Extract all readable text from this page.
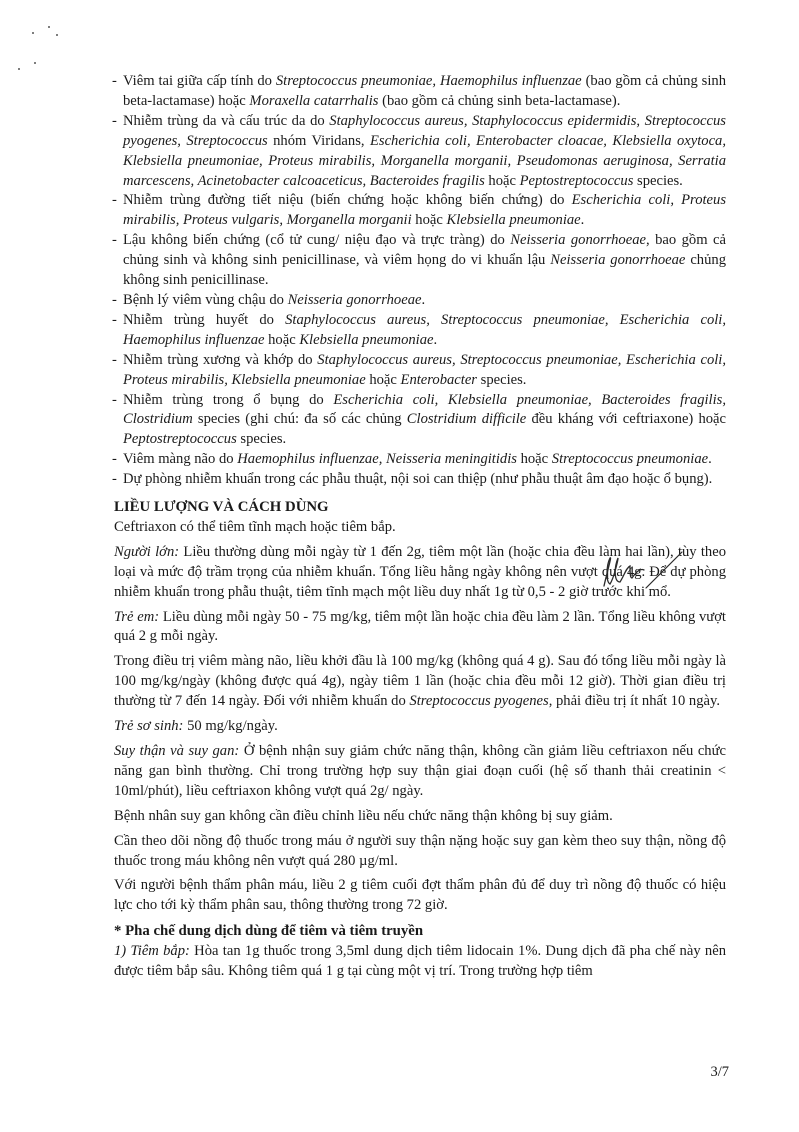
- Viêm tai giữa cấp tính do Streptococcus pneumoniae, Haemophilus influenzae (bao gồm cả chủng sinh beta-lactamase) hoặc Moraxella catarrhalis (bao gồm cả chủng sinh beta-lactamase).
- Nhiễm trùng da và cấu trúc da do Staphylococcus aureus, Staphylococcus epidermidis, Streptococcus pyogenes, Streptococcus nhóm Viridans, Escherichia coli, Enterobacter cloacae, Klebsiella oxytoca, Klebsiella pneumoniae, Proteus mirabilis, Morganella morganii, Pseudomonas aeruginosa, Serratia marcescens, Acinetobacter calcoaceticus, Bacteroides fragilis hoặc Peptostreptococcus species.
- Nhiễm trùng đường tiết niệu (biến chứng hoặc không biến chứng) do Escherichia coli, Proteus mirabilis, Proteus vulgaris, Morganella morganii hoặc Klebsiella pneumoniae.
- Lậu không biến chứng (cổ tử cung/ niệu đạo và trực tràng) do Neisseria gonorrhoeae, bao gồm cả chủng sinh và không sinh penicillinase, và viêm họng do vi khuẩn lậu Neisseria gonorrhoeae chủng không sinh penicillinase.
- Bệnh lý viêm vùng chậu do Neisseria gonorrhoeae.
- Nhiễm trùng huyết do Staphylococcus aureus, Streptococcus pneumoniae, Escherichia coli, Haemophilus influenzae hoặc Klebsiella pneumoniae.
- Nhiễm trùng xương và khớp do Staphylococcus aureus, Streptococcus pneumoniae, Escherichia coli, Proteus mirabilis, Klebsiella pneumoniae hoặc Enterobacter species.
- Nhiễm trùng trong ổ bụng do Escherichia coli, Klebsiella pneumoniae, Bacteroides fragilis, Clostridium species (ghi chú: đa số các chủng Clostridium difficile đều kháng với ceftriaxone) hoặc Peptostreptococcus species.
- Viêm màng não do Haemophilus influenzae, Neisseria meningitidis hoặc Streptococcus pneumoniae.
- Dự phòng nhiễm khuẩn trong các phẫu thuật, nội soi can thiệp (như phẫu thuật âm đạo hoặc ổ bụng).
LIỀU LƯỢNG VÀ CÁCH DÙNG

Ceftriaxon có thể tiêm tĩnh mạch hoặc tiêm bắp.

Người lớn: Liều thường dùng mỗi ngày từ 1 đến 2g, tiêm một lần (hoặc chia đều làm hai lần), tùy theo loại và mức độ trầm trọng của nhiễm khuẩn. Tổng liều hằng ngày không nên vượt quá 4g. Để dự phòng nhiễm khuẩn trong phẫu thuật, tiêm tĩnh mạch một liều duy nhất 1g từ 0,5 - 2 giờ trước khi mổ.

Trẻ em: Liều dùng mỗi ngày 50 - 75 mg/kg, tiêm một lần hoặc chia đều làm 2 lần. Tổng liều không vượt quá 2 g mỗi ngày.

Trong điều trị viêm màng não, liều khởi đầu là 100 mg/kg (không quá 4 g). Sau đó tổng liều mỗi ngày là 100 mg/kg/ngày (không được quá 4g), ngày tiêm 1 lần (hoặc chia đều mỗi 12 giờ). Thời gian điều trị thường từ 7 đến 14 ngày. Đối với nhiễm khuẩn do Streptococcus pyogenes, phải điều trị ít nhất 10 ngày.

Trẻ sơ sinh: 50 mg/kg/ngày.

Suy thận và suy gan: Ở bệnh nhận suy giảm chức năng thận, không cần giảm liều ceftriaxon nếu chức năng gan bình thường. Chỉ trong trường hợp suy thận giai đoạn cuối (hệ số thanh thải creatinin < 10ml/phút), liều ceftriaxon không vượt quá 2g/ ngày.

Bệnh nhân suy gan không cần điều chỉnh liều nếu chức năng thận không bị suy giảm.

Cần theo dõi nồng độ thuốc trong máu ở người suy thận nặng hoặc suy gan kèm theo suy thận, nồng độ thuốc trong máu không nên vượt quá 280 µg/ml.

Với người bệnh thẩm phân máu, liều 2 g tiêm cuối đợt thẩm phân đủ để duy trì nồng độ thuốc có hiệu lực cho tới kỳ thẩm phân sau, thông thường trong 72 giờ.

* Pha chế dung dịch dùng để tiêm và tiêm truyền

1) Tiêm bắp: Hòa tan 1g thuốc trong 3,5ml dung dịch tiêm lidocain 1%. Dung dịch đã pha chế này nên được tiêm bắp sâu. Không tiêm quá 1 g tại cùng một vị trí. Trong trường hợp tiêm

3/7
